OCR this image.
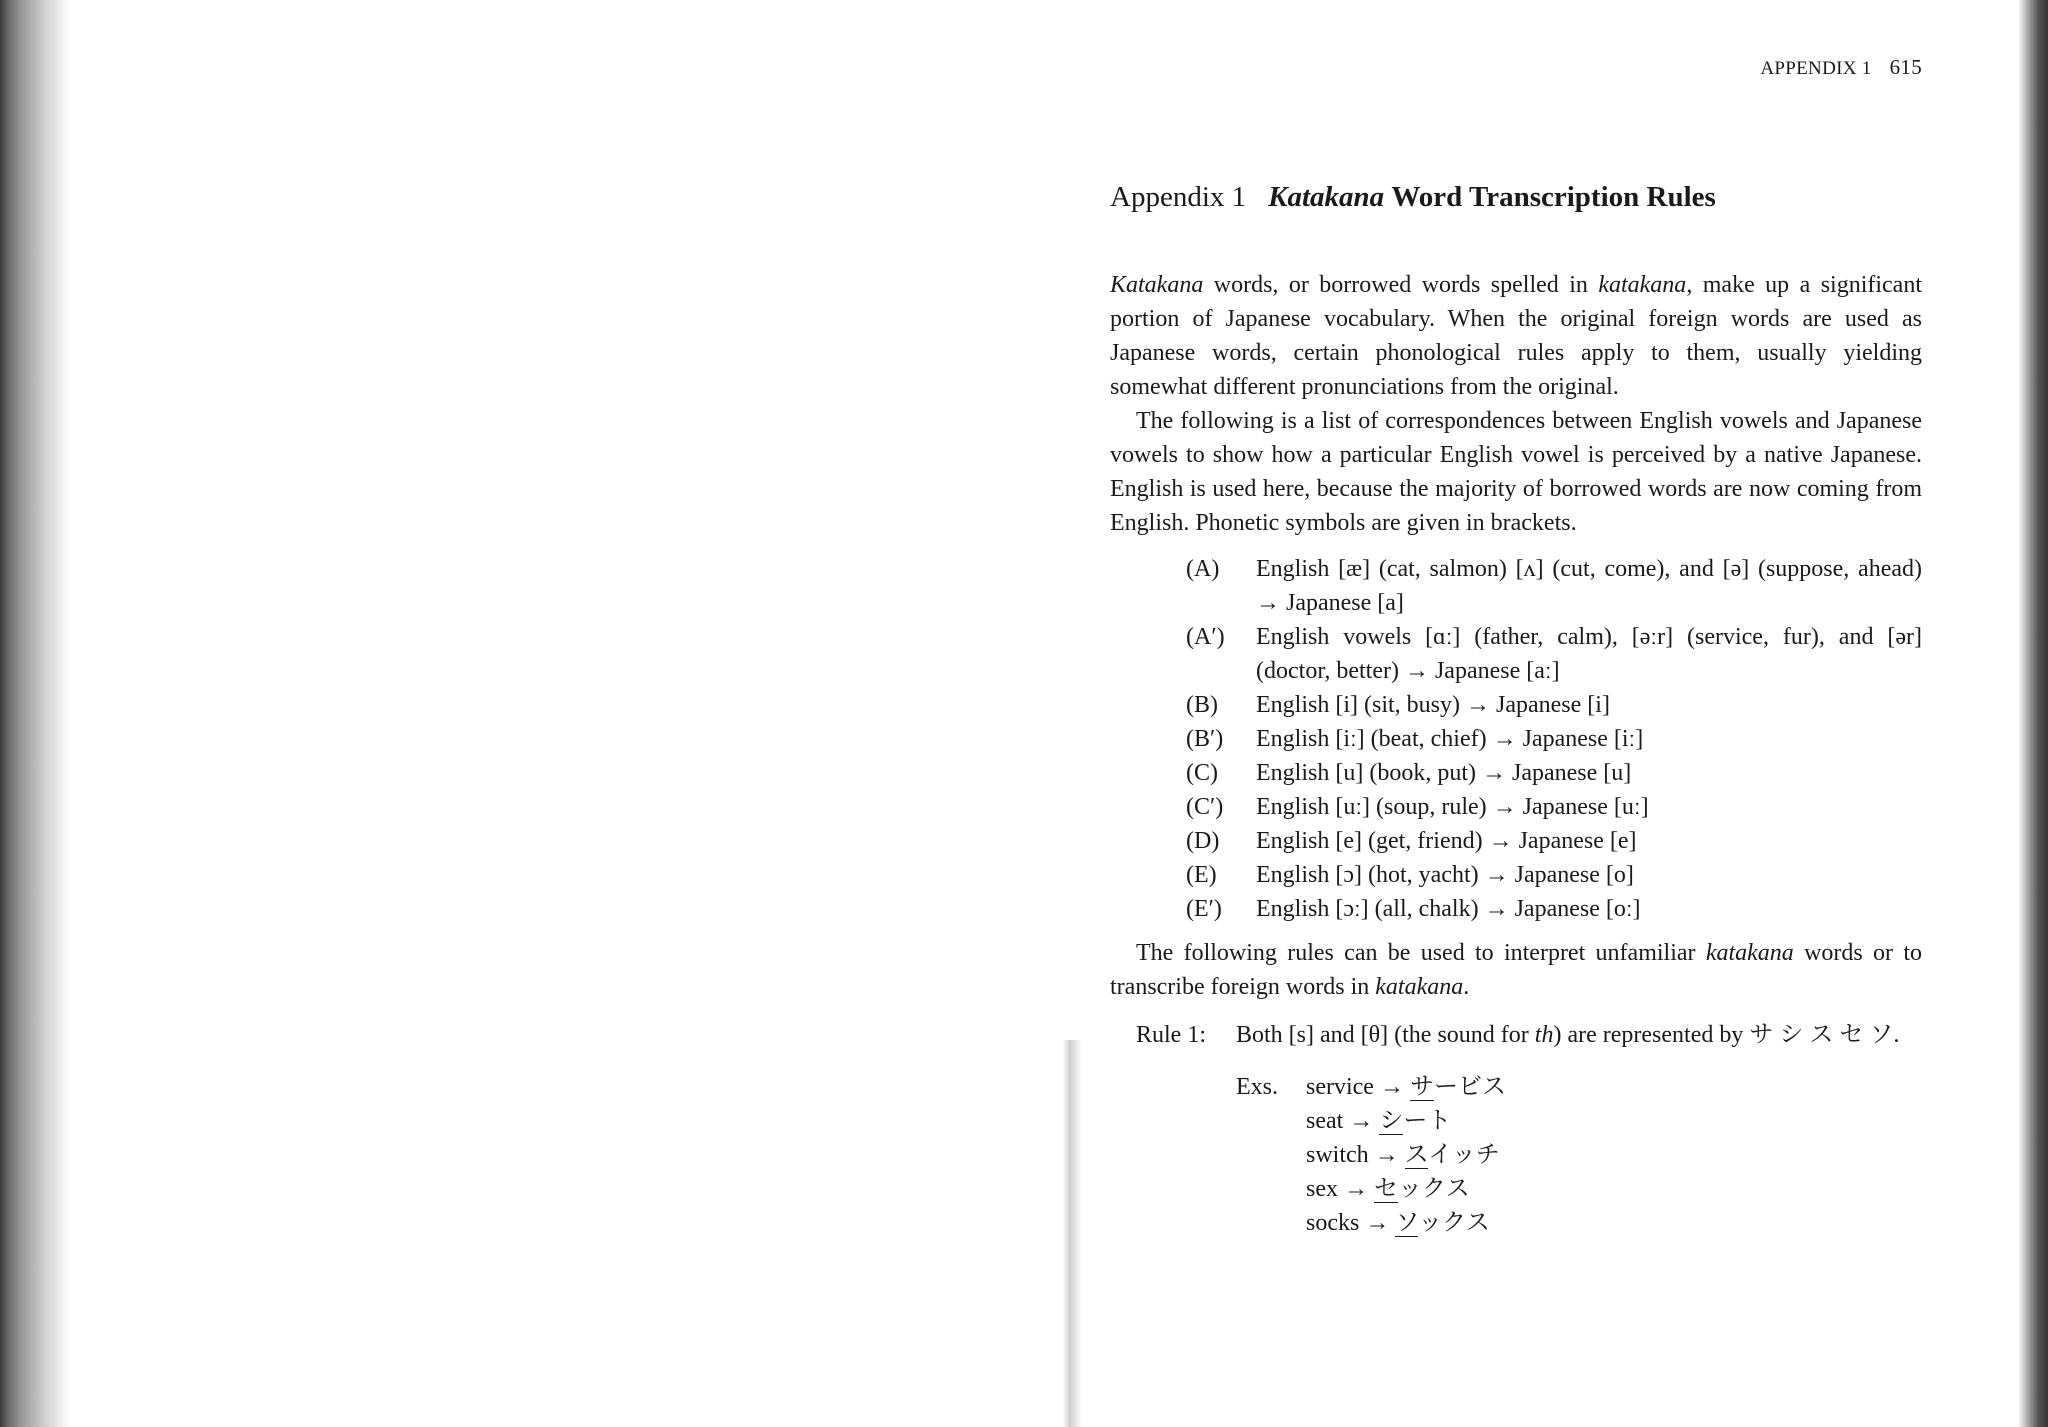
APPENDIX 1 615
Appendix 1 Katakana Word Transcription Rules

Katakana words, or borrowed words spelled in katakana, make up a significant portion of Japanese vocabulary. When the original foreign words are used as Japanese words, certain phonological rules apply to them, usually yielding somewhat different pronunciations from the original.

The following is a list of correspondences between English vowels and Japanese vowels to show how a particular English vowel is perceived by a native Japanese. English is used here, because the majority of borrowed words are now coming from English. Phonetic symbols are given in brackets.

(A)	English [æ] (cat, salmon) [ʌ] (cut, come), and [ə] (suppose, ahead) → Japanese [a]
(A′)	English vowels [ɑː] (father, calm), [əːr] (service, fur), and [ər] (doctor, better) → Japanese [aː]
(B)	English [i] (sit, busy) → Japanese [i]
(B′)	English [iː] (beat, chief) → Japanese [iː]
(C)	English [u] (book, put) → Japanese [u]
(C′)	English [uː] (soup, rule) → Japanese [uː]
(D)	English [e] (get, friend) → Japanese [e]
(E)	English [ɔ] (hot, yacht) → Japanese [o]
(E′)	English [ɔː] (all, chalk) → Japanese [oː]

The following rules can be used to interpret unfamiliar katakana words or to transcribe foreign words in katakana.

Rule 1:	Both [s] and [θ] (the sound for th) are represented by サ シ ス セ ソ.
Exs.	service → サービス
seat → シート
switch → スイッチ
sex → セックス
socks → ソックス
